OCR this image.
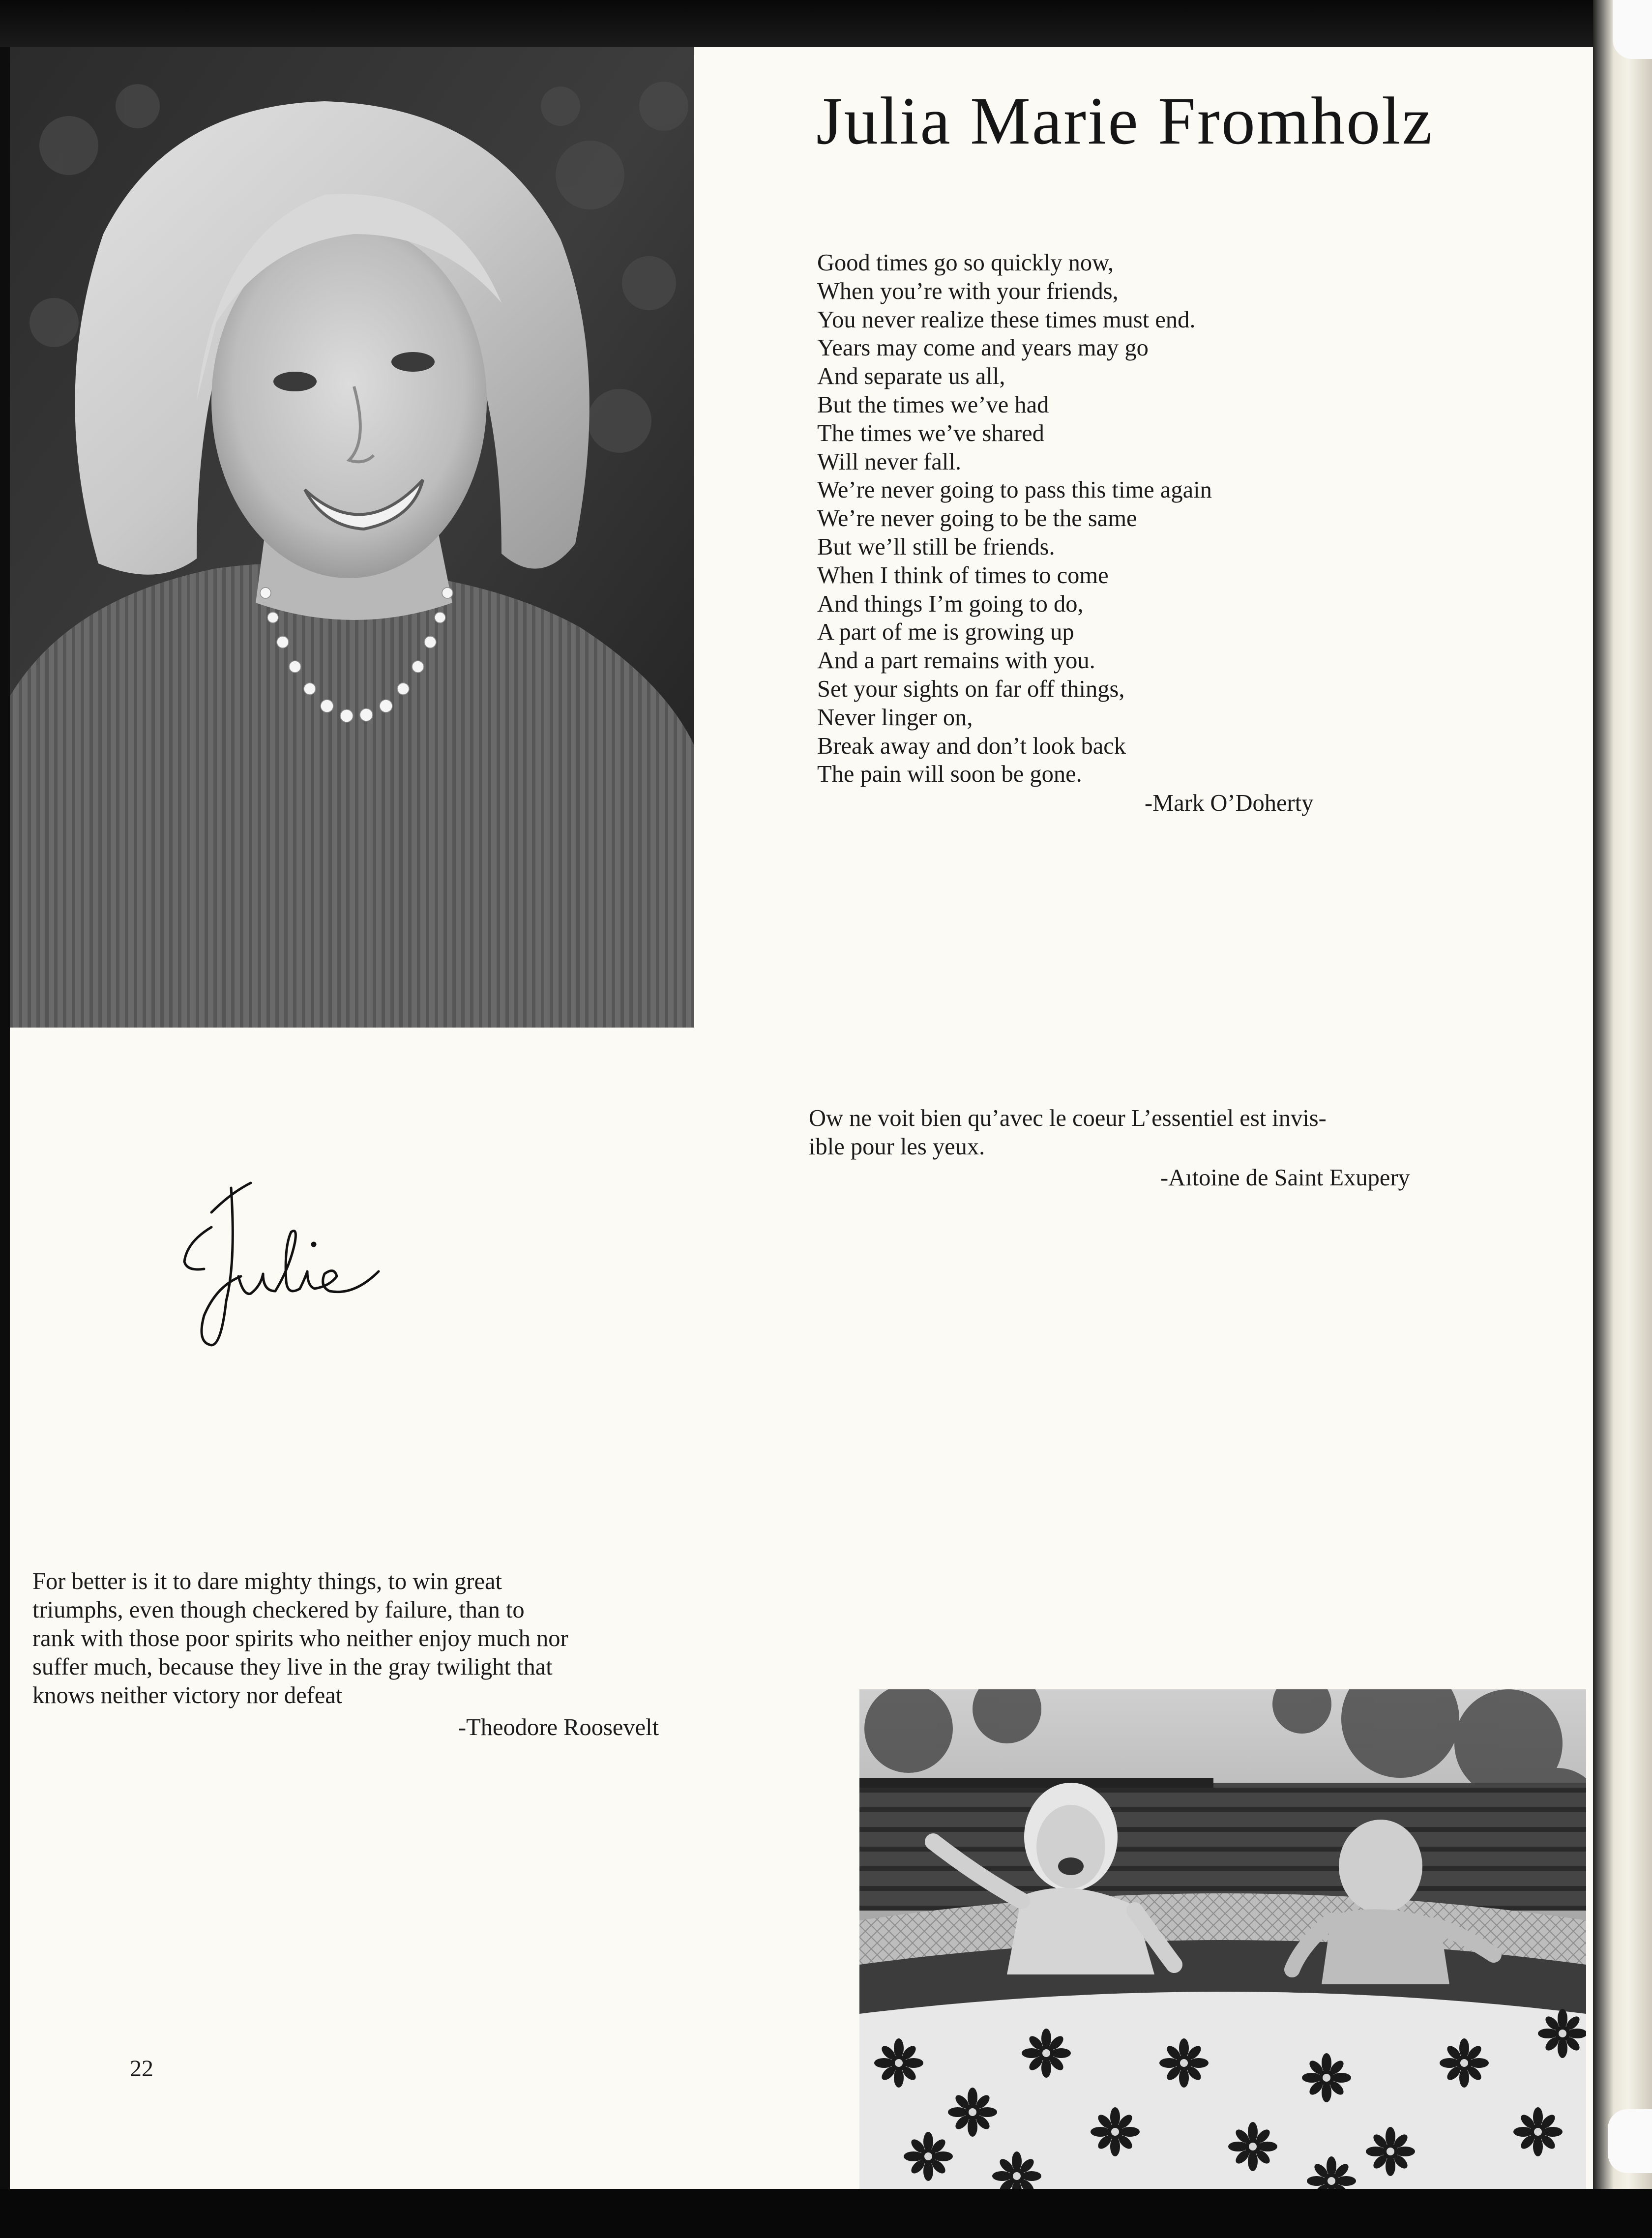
Julia Marie Fromholz
Good times go so quickly now,
When you’re with your friends,
You never realize these times must end.
Years may come and years may go
And separate us all,
But the times we’ve had
The times we’ve shared
Will never fall.
We’re never going to pass this time again
We’re never going to be the same
But we’ll still be friends.
When I think of times to come
And things I’m going to do,
A part of me is growing up
And a part remains with you.
Set your sights on far off things,
Never linger on,
Break away and don’t look back
The pain will soon be gone.
-Mark O’Doherty
Ow ne voit bien qu’avec le coeur L’essentiel est invis-
ible pour les yeux.
-Aıtoine de Saint Exupery
For better is it to dare mighty things, to win great
triumphs, even though checkered by failure, than to
rank with those poor spirits who neither enjoy much nor
suffer much, because they live in the gray twilight that
knows neither victory nor defeat
-Theodore Roosevelt
22
